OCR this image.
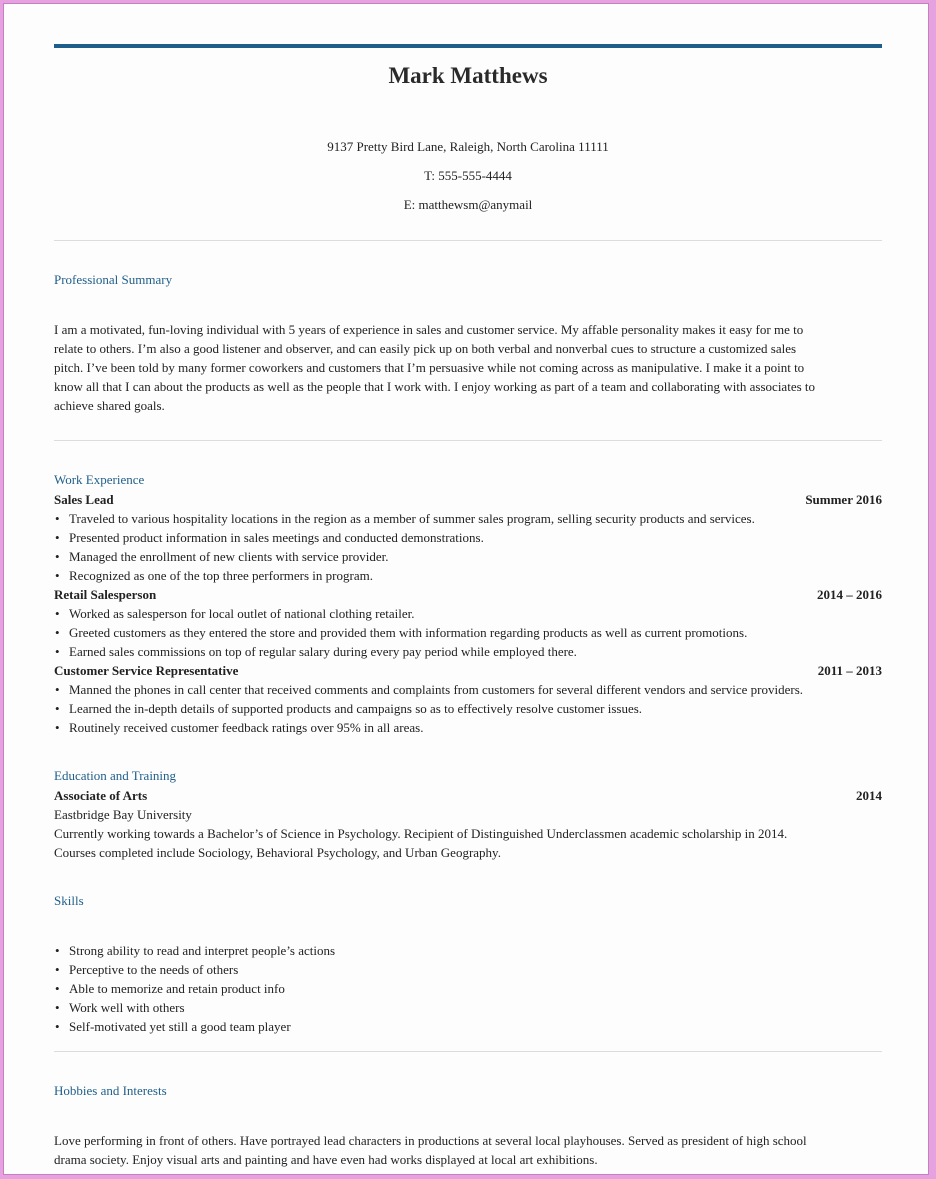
Mark Matthews
9137 Pretty Bird Lane, Raleigh, North Carolina 11111
T: 555-555-4444
E: matthewsm@anymail
Professional Summary
I am a motivated, fun-loving individual with 5 years of experience in sales and customer service. My affable personality makes it easy for me to
relate to others. I’m also a good listener and observer, and can easily pick up on both verbal and nonverbal cues to structure a customized sales
pitch. I’ve been told by many former coworkers and customers that I’m persuasive while not coming across as manipulative. I make it a point to
know all that I can about the products as well as the people that I work with. I enjoy working as part of a team and collaborating with associates to
achieve shared goals.
Work Experience
Sales Lead	Summer 2016
• Traveled to various hospitality locations in the region as a member of summer sales program, selling security products and services.
• Presented product information in sales meetings and conducted demonstrations.
• Managed the enrollment of new clients with service provider.
• Recognized as one of the top three performers in program.
Retail Salesperson	2014 – 2016
• Worked as salesperson for local outlet of national clothing retailer.
• Greeted customers as they entered the store and provided them with information regarding products as well as current promotions.
• Earned sales commissions on top of regular salary during every pay period while employed there.
Customer Service Representative	2011 – 2013
• Manned the phones in call center that received comments and complaints from customers for several different vendors and service providers.
• Learned the in-depth details of supported products and campaigns so as to effectively resolve customer issues.
• Routinely received customer feedback ratings over 95% in all areas.
Education and Training
Associate of Arts	2014
Eastbridge Bay University
Currently working towards a Bachelor’s of Science in Psychology. Recipient of Distinguished Underclassmen academic scholarship in 2014.
Courses completed include Sociology, Behavioral Psychology, and Urban Geography.
Skills
• Strong ability to read and interpret people’s actions
• Perceptive to the needs of others
• Able to memorize and retain product info
• Work well with others
• Self-motivated yet still a good team player
Hobbies and Interests
Love performing in front of others. Have portrayed lead characters in productions at several local playhouses. Served as president of high school
drama society. Enjoy visual arts and painting and have even had works displayed at local art exhibitions.
